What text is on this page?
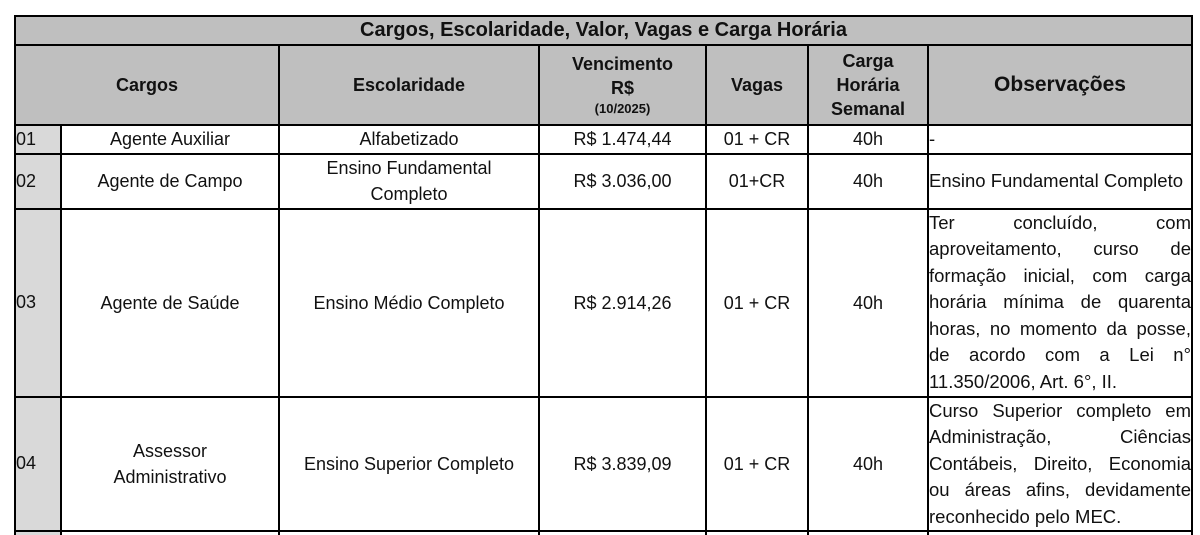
Cargos, Escolaridade, Valor, Vagas e Carga Horária						
Cargos		Escolaridade	Vencimento
R$
(10/2025)	Vagas	Carga
Horária
Semanal	Observações
01	Agente Auxiliar	Alfabetizado	R$ 1.474,44	01 + CR	40h	-
02	Agente de Campo	Ensino Fundamental Completo	R$ 3.036,00	01+CR	40h	Ensino Fundamental Completo
03	Agente de Saúde	Ensino Médio Completo	R$ 2.914,26	01 + CR	40h	Ter concluído, com aproveitamento, curso de formação inicial, com carga horária mínima de quarenta horas, no momento da posse, de acordo com a Lei n° 11.350/2006, Art. 6°, II.
04	Assessor Administrativo	Ensino Superior Completo	R$ 3.839,09	01 + CR	40h	Curso Superior completo em Administração, Ciências Contábeis, Direito, Economia ou áreas afins, devidamente reconhecido pelo MEC.
